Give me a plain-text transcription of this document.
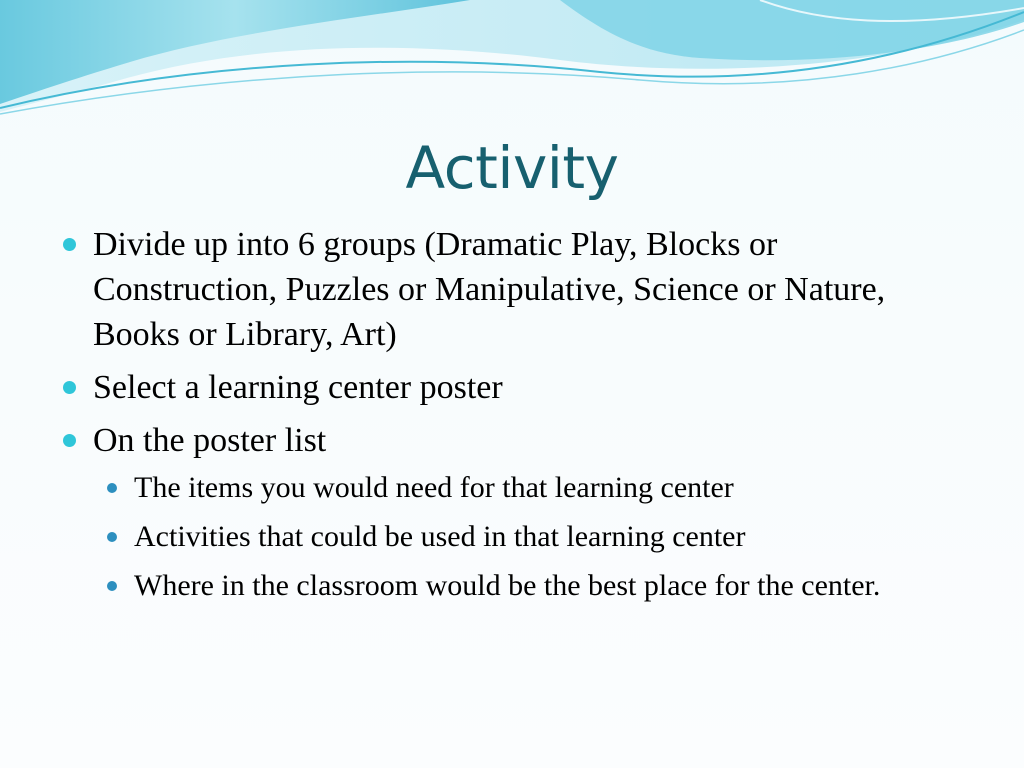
Activity
Divide up into 6 groups (Dramatic Play, Blocks or Construction, Puzzles or Manipulative, Science or Nature, Books or Library, Art)
Select a learning center poster
On the poster list
The items you would need for that learning center
Activities that could be used in that learning center
Where in the classroom would be the best place for the center.
